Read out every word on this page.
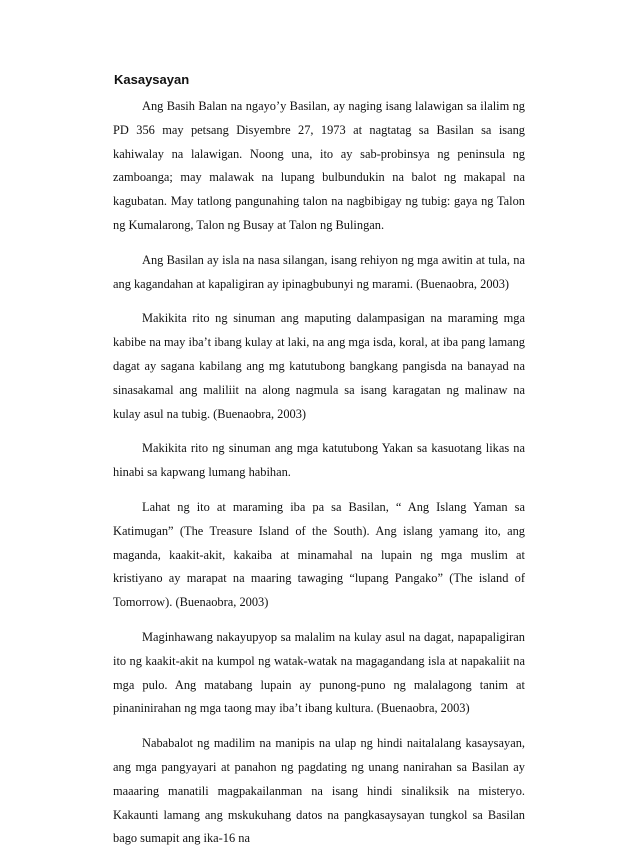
Kasaysayan

Ang Basih Balan na ngayo’y Basilan, ay naging isang lalawigan sa ilalim ng PD 356 may petsang Disyembre 27, 1973 at nagtatag sa Basilan sa isang kahiwalay na lalawigan. Noong una, ito ay sab-probinsya ng peninsula ng zamboanga; may malawak na lupang bulbundukin na balot ng makapal na kagubatan. May tatlong pangunahing talon na nagbibigay ng tubig: gaya ng Talon ng Kumalarong, Talon ng Busay at Talon ng Bulingan.

Ang Basilan ay isla na nasa silangan, isang rehiyon ng mga awitin at tula, na ang kagandahan at kapaligiran ay ipinagbubunyi ng marami. (Buenaobra, 2003)

Makikita rito ng sinuman ang maputing dalampasigan na maraming mga kabibe na may iba’t ibang kulay at laki, na ang mga isda, koral, at iba pang lamang dagat ay sagana kabilang ang mg katutubong bangkang pangisda na banayad na sinasakamal ang maliliit na along nagmula sa isang karagatan ng malinaw na kulay asul na tubig. (Buenaobra, 2003)

Makikita rito ng sinuman ang mga katutubong Yakan sa kasuotang likas na hinabi sa kapwang lumang habihan.

Lahat ng ito at maraming iba pa sa Basilan, “ Ang Islang Yaman sa Katimugan” (The Treasure Island of the South). Ang islang yamang ito, ang maganda, kaakit-akit, kakaiba at minamahal na lupain ng mga muslim at kristiyano ay marapat na maaring tawaging “lupang Pangako” (The island of Tomorrow). (Buenaobra, 2003)

Maginhawang nakayupyop sa malalim na kulay asul na dagat, napapaligiran ito ng kaakit-akit na kumpol ng watak-watak na magagandang isla at napakaliit na mga pulo. Ang matabang lupain ay punong-puno ng malalagong tanim at pinaninirahan ng mga taong may iba’t ibang kultura. (Buenaobra, 2003)

Nababalot ng madilim na manipis na ulap ng hindi naitalalang kasaysayan, ang mga pangyayari at panahon ng pagdating ng unang nanirahan sa Basilan ay maaaring manatili magpakailanman na isang hindi sinaliksik na misteryo. Kakaunti lamang ang mskukuhang datos na pangkasaysayan tungkol sa Basilan bago sumapit ang ika-16 na
